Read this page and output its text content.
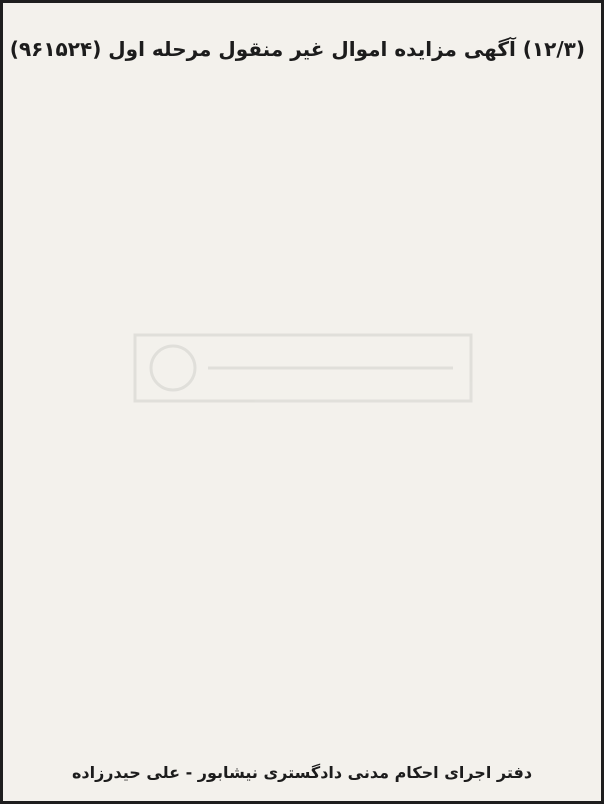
(۱۲/۳) آگهی مزایده اموال غیر منقول مرحله اول (۹۶۱۵۲۴)
دفتر اجرای احکام مدنی دادگستری نیشابور - علی حیدرزاده
